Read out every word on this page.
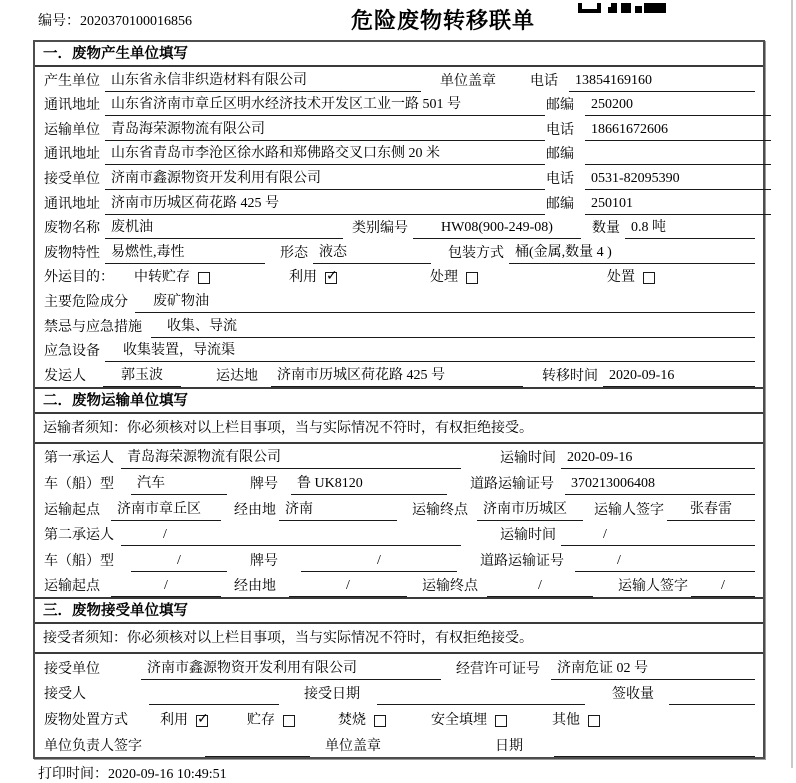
编号：2020370100016856	危险废物转移联单
一．废物产生单位填写
产生单位 山东省永信非织造材料有限公司	单位盖章 电话	13854169160
通讯地址 山东省济南市章丘区明水经济技术开发区工业一路 501 号	邮编	250200
运输单位 青岛海荣源物流有限公司	电话	18661672606
通讯地址 山东省青岛市李沧区徐水路和郑佛路交叉口东侧 20 米	邮编
接受单位 济南市鑫源物资开发利用有限公司	电话	0531-82095390
通讯地址 济南市历城区荷花路 425 号	邮编	250101
废物名称 废机油	类别编号	HW08(900-249-08)	数量 0.8 吨
废物特性 易燃性,毒性	形态 液态	包装方式 桶(金属,数量 4 )
外运目的： 中转贮存	利用 ✓	处理	处置
主要危险成分	废矿物油
禁忌与应急措施	收集、导流
应急设备	收集装置，导流渠
发运人	郭玉波	运达地	济南市历城区荷花路 425 号	转移时间 2020-09-16
二．废物运输单位填写
运输者须知：你必须核对以上栏目事项，当与实际情况不符时，有权拒绝接受。
第一承运人 青岛海荣源物流有限公司	运输时间 2020-09-16
车（船）型	汽车	牌号	鲁 UK8120	道路运输证号	370213006408
运输起点	济南市章丘区	经由地 济南	运输终点	济南市历城区	运输人签字	张春雷
第二承运人	/	运输时间	/
车（船）型	/	牌号	/	道路运输证号	/
运输起点	/	经由地	/	运输终点	/	运输人签字	/
三．废物接受单位填写
接受者须知：你必须核对以上栏目事项，当与实际情况不符时，有权拒绝接受。
接受单位	济南市鑫源物资开发利用有限公司	经营许可证号	济南危证 02 号
接受人	接受日期	签收量
废物处置方式 利用 ✓	贮存	焚烧	安全填埋	其他
单位负责人签字	单位盖章	日期
打印时间：2020-09-16 10:49:51
